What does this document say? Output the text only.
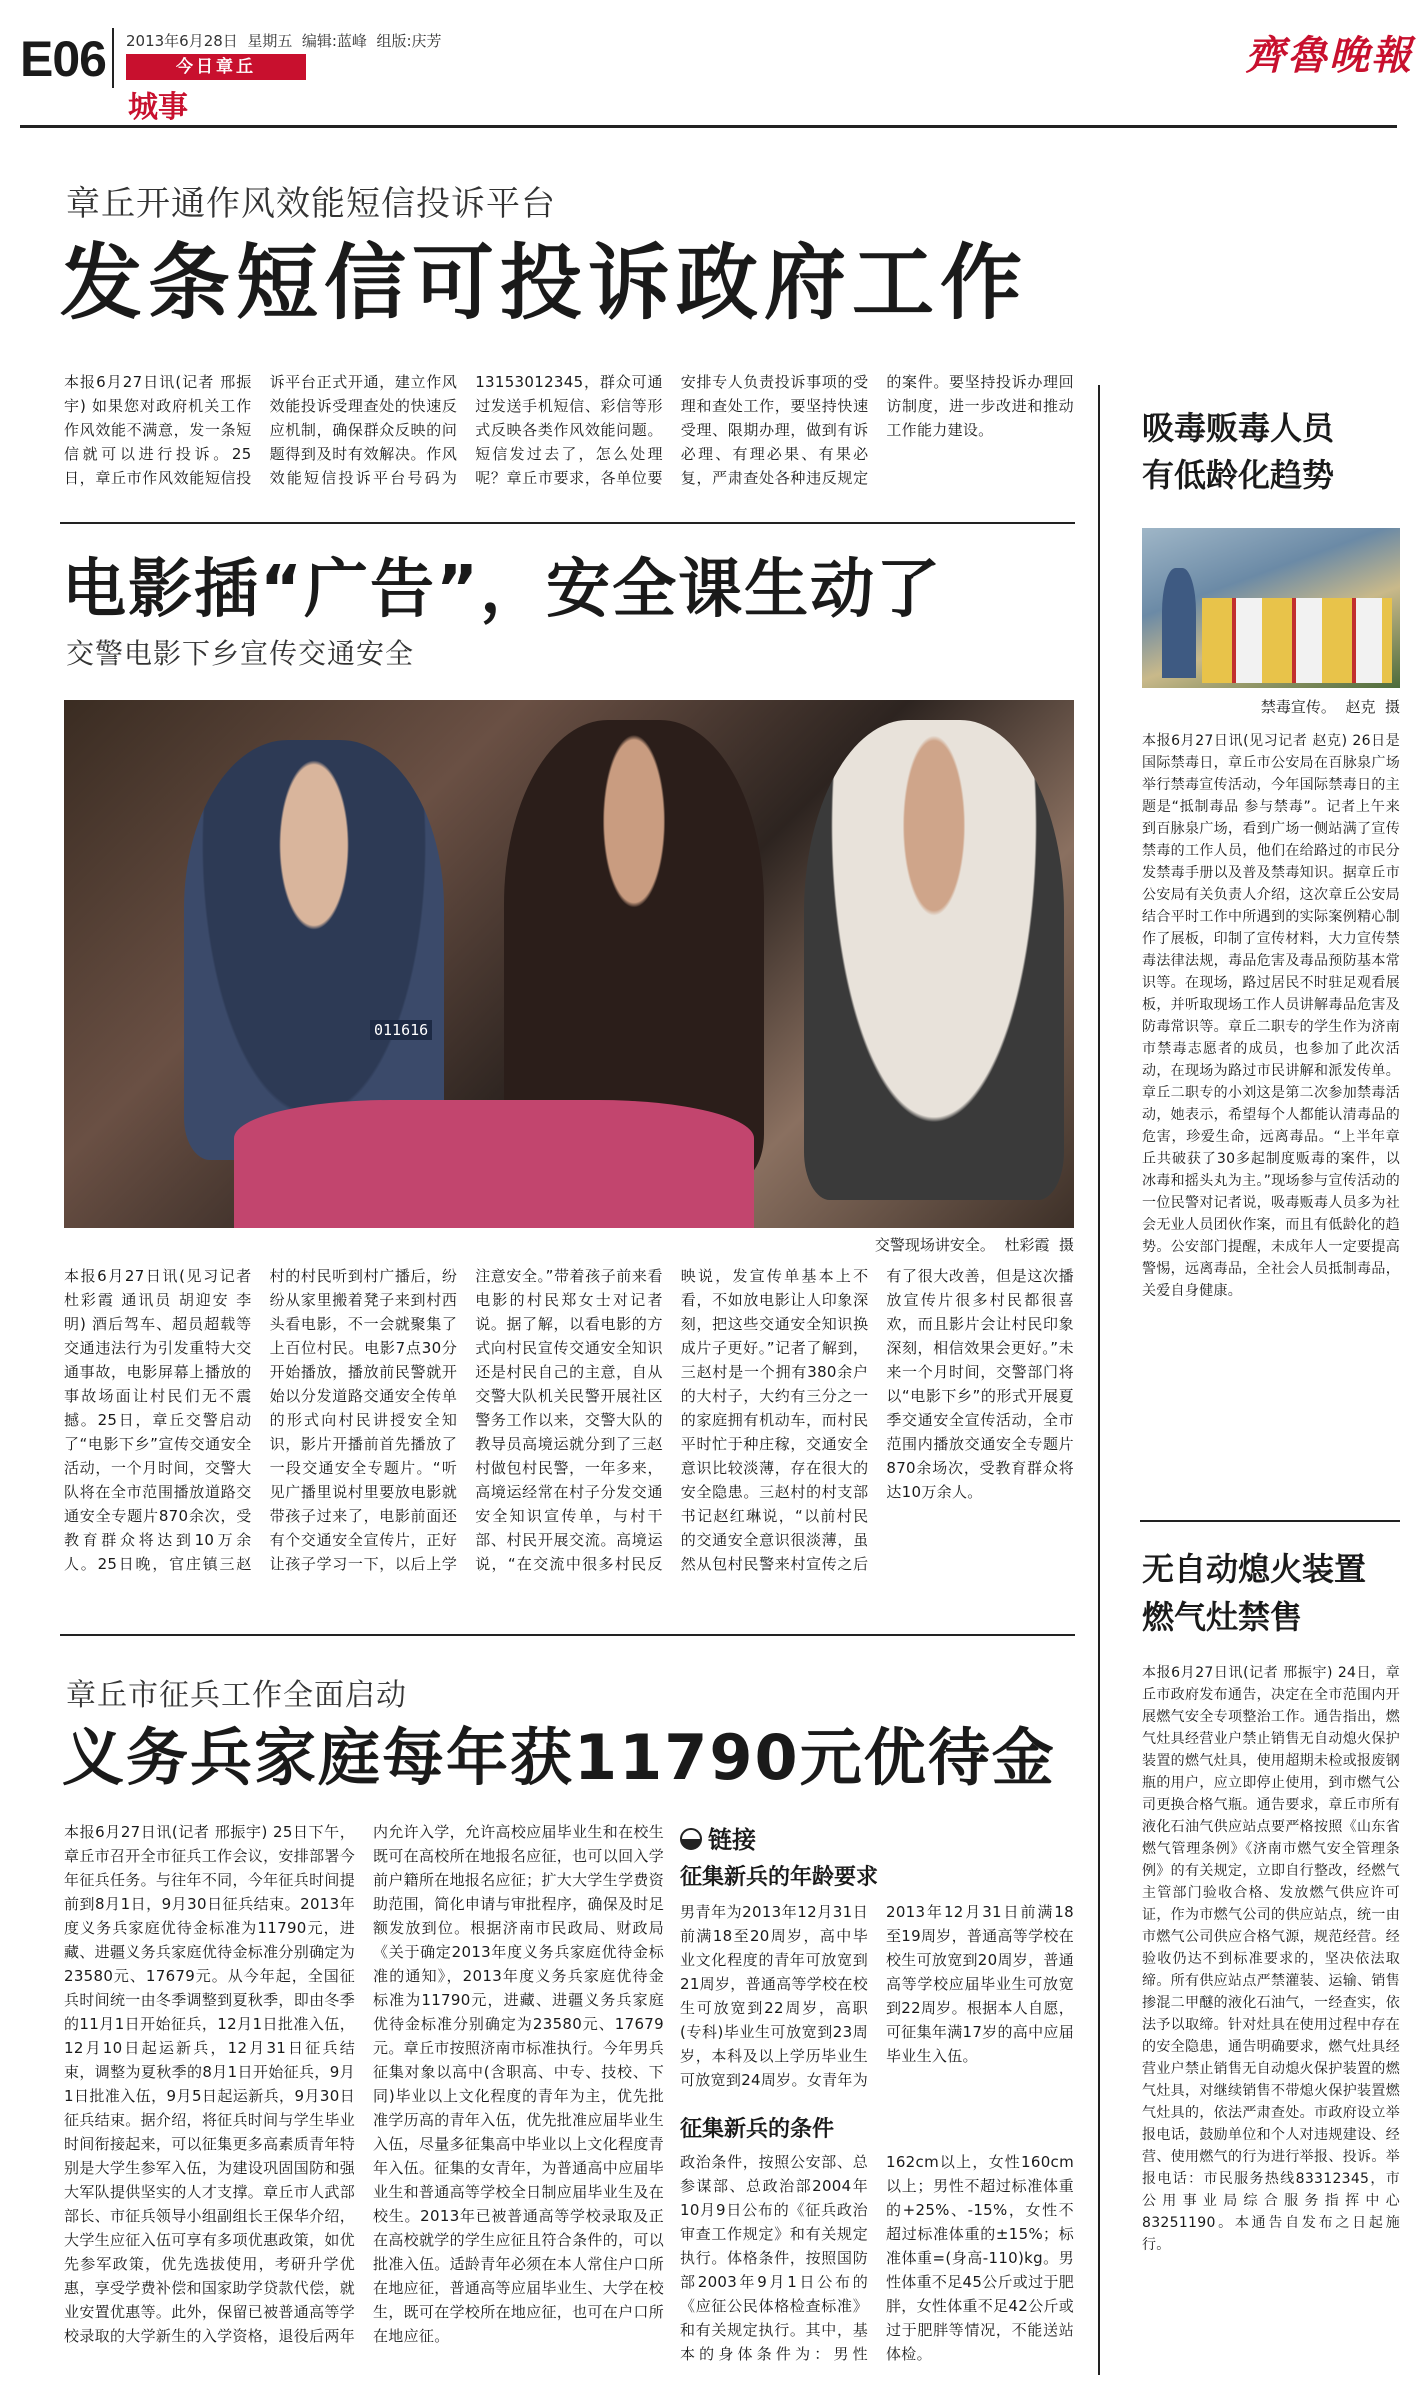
E06 2013年6月28日  星期五  编辑:蓝峰  组版:庆芳
今日章丘
城事
齊魯晚報
章丘开通作风效能短信投诉平台
发条短信可投诉政府工作
本报6月27日讯(记者 邢振宇) 如果您对政府机关工作作风效能不满意，发一条短信就可以进行投诉。25日，章丘市作风效能短信投诉平台正式开通，建立作风效能投诉受理查处的快速反应机制，确保群众反映的问题得到及时有效解决。作风效能短信投诉平台号码为13153012345，群众可通过发送手机短信、彩信等形式反映各类作风效能问题。短信发过去了，怎么处理呢？章丘市要求，各单位要安排专人负责投诉事项的受理和查处工作，要坚持快速受理、限期办理，做到有诉必理、有理必果、有果必复，严肃查处各种违反规定的案件。要坚持投诉办理回访制度，进一步改进和推动工作能力建设。
电影插“广告”，安全课生动了
交警电影下乡宣传交通安全
011616
交警现场讲安全。  杜彩霞  摄
本报6月27日讯(见习记者 杜彩霞 通讯员 胡迎安 李明) 酒后驾车、超员超载等交通违法行为引发重特大交通事故，电影屏幕上播放的事故场面让村民们无不震撼。25日，章丘交警启动了“电影下乡”宣传交通安全活动，一个月时间，交警大队将在全市范围播放道路交通安全专题片870余次，受教育群众将达到10万余人。25日晚，官庄镇三赵村的村民听到村广播后，纷纷从家里搬着凳子来到村西头看电影，不一会就聚集了上百位村民。电影7点30分开始播放，播放前民警就开始以分发道路交通安全传单的形式向村民讲授安全知识，影片开播前首先播放了一段交通安全专题片。“听见广播里说村里要放电影就带孩子过来了，电影前面还有个交通安全宣传片，正好让孩子学习一下，以后上学注意安全。”带着孩子前来看电影的村民郑女士对记者说。据了解，以看电影的方式向村民宣传交通安全知识还是村民自己的主意，自从交警大队机关民警开展社区警务工作以来，交警大队的教导员高境运就分到了三赵村做包村民警，一年多来，高境运经常在村子分发交通安全知识宣传单，与村干部、村民开展交流。高境运说，“在交流中很多村民反映说，发宣传单基本上不看，不如放电影让人印象深刻，把这些交通安全知识换成片子更好。”记者了解到，三赵村是一个拥有380余户的大村子，大约有三分之一的家庭拥有机动车，而村民平时忙于种庄稼，交通安全意识比较淡薄，存在很大的安全隐患。三赵村的村支部书记赵红琳说，“以前村民的交通安全意识很淡薄，虽然从包村民警来村宣传之后有了很大改善，但是这次播放宣传片很多村民都很喜欢，而且影片会让村民印象深刻，相信效果会更好。”未来一个月时间，交警部门将以“电影下乡”的形式开展夏季交通安全宣传活动，全市范围内播放交通安全专题片870余场次，受教育群众将达10万余人。
章丘市征兵工作全面启动
义务兵家庭每年获11790元优待金
本报6月27日讯(记者 邢振宇) 25日下午，章丘市召开全市征兵工作会议，安排部署今年征兵任务。与往年不同，今年征兵时间提前到8月1日，9月30日征兵结束。2013年度义务兵家庭优待金标准为11790元，进藏、进疆义务兵家庭优待金标准分别确定为23580元、17679元。从今年起，全国征兵时间统一由冬季调整到夏秋季，即由冬季的11月1日开始征兵，12月1日批准入伍，12月10日起运新兵，12月31日征兵结束，调整为夏秋季的8月1日开始征兵，9月1日批准入伍，9月5日起运新兵，9月30日征兵结束。据介绍，将征兵时间与学生毕业时间衔接起来，可以征集更多高素质青年特别是大学生参军入伍，为建设巩固国防和强大军队提供坚实的人才支撑。章丘市人武部部长、市征兵领导小组副组长王保华介绍，大学生应征入伍可享有多项优惠政策，如优先参军政策，优先选拔使用，考研升学优惠，享受学费补偿和国家助学贷款代偿，就业安置优惠等。此外，保留已被普通高等学校录取的大学新生的入学资格，退役后两年内允许入学，允许高校应届毕业生和在校生既可在高校所在地报名应征，也可以回入学前户籍所在地报名应征；扩大大学生学费资助范围，简化申请与审批程序，确保及时足额发放到位。根据济南市民政局、财政局《关于确定2013年度义务兵家庭优待金标准的通知》，2013年度义务兵家庭优待金标准为11790元，进藏、进疆义务兵家庭优待金标准分别确定为23580元、17679元。章丘市按照济南市标准执行。今年男兵征集对象以高中(含职高、中专、技校、下同)毕业以上文化程度的青年为主，优先批准学历高的青年入伍，优先批准应届毕业生入伍，尽量多征集高中毕业以上文化程度青年入伍。征集的女青年，为普通高中应届毕业生和普通高等学校全日制应届毕业生及在校生。2013年已被普通高等学校录取及正在高校就学的学生应征且符合条件的，可以批准入伍。适龄青年必须在本人常住户口所在地应征，普通高等应届毕业生、大学在校生，既可在学校所在地应征，也可在户口所在地应征。
链接
征集新兵的年龄要求
男青年为2013年12月31日前满18至20周岁，高中毕业文化程度的青年可放宽到21周岁，普通高等学校在校生可放宽到22周岁，高职(专科)毕业生可放宽到23周岁，本科及以上学历毕业生可放宽到24周岁。女青年为2013年12月31日前满18至19周岁，普通高等学校在校生可放宽到20周岁，普通高等学校应届毕业生可放宽到22周岁。根据本人自愿，可征集年满17岁的高中应届毕业生入伍。
征集新兵的条件
政治条件，按照公安部、总参谋部、总政治部2004年10月9日公布的《征兵政治审查工作规定》和有关规定执行。体格条件，按照国防部2003年9月1日公布的《应征公民体格检查标准》和有关规定执行。其中，基本的身体条件为：男性162cm以上，女性160cm以上；男性不超过标准体重的+25%、-15%，女性不超过标准体重的±15%；标准体重=(身高-110)kg。男性体重不足45公斤或过于肥胖，女性体重不足42公斤或过于肥胖等情况，不能送站体检。
吸毒贩毒人员
有低龄化趋势
禁毒宣传。  赵克  摄
本报6月27日讯(见习记者 赵克) 26日是国际禁毒日，章丘市公安局在百脉泉广场举行禁毒宣传活动，今年国际禁毒日的主题是“抵制毒品 参与禁毒”。记者上午来到百脉泉广场，看到广场一侧站满了宣传禁毒的工作人员，他们在给路过的市民分发禁毒手册以及普及禁毒知识。据章丘市公安局有关负责人介绍，这次章丘公安局结合平时工作中所遇到的实际案例精心制作了展板，印制了宣传材料，大力宣传禁毒法律法规，毒品危害及毒品预防基本常识等。在现场，路过居民不时驻足观看展板，并听取现场工作人员讲解毒品危害及防毒常识等。章丘二职专的学生作为济南市禁毒志愿者的成员，也参加了此次活动，在现场为路过市民讲解和派发传单。章丘二职专的小刘这是第二次参加禁毒活动，她表示，希望每个人都能认清毒品的危害，珍爱生命，远离毒品。“上半年章丘共破获了30多起制度贩毒的案件，以冰毒和摇头丸为主。”现场参与宣传活动的一位民警对记者说，吸毒贩毒人员多为社会无业人员团伙作案，而且有低龄化的趋势。公安部门提醒，未成年人一定要提高警惕，远离毒品，全社会人员抵制毒品，关爱自身健康。
无自动熄火装置
燃气灶禁售
本报6月27日讯(记者 邢振宇) 24日，章丘市政府发布通告，决定在全市范围内开展燃气安全专项整治工作。通告指出，燃气灶具经营业户禁止销售无自动熄火保护装置的燃气灶具，使用超期未检或报废钢瓶的用户，应立即停止使用，到市燃气公司更换合格气瓶。通告要求，章丘市所有液化石油气供应站点要严格按照《山东省燃气管理条例》《济南市燃气安全管理条例》的有关规定，立即自行整改，经燃气主管部门验收合格、发放燃气供应许可证，作为市燃气公司的供应站点，统一由市燃气公司供应合格气源，规范经营。经验收仍达不到标准要求的，坚决依法取缔。所有供应站点严禁灌装、运输、销售掺混二甲醚的液化石油气，一经查实，依法予以取缔。针对灶具在使用过程中存在的安全隐患，通告明确要求，燃气灶具经营业户禁止销售无自动熄火保护装置的燃气灶具，对继续销售不带熄火保护装置燃气灶具的，依法严肃查处。市政府设立举报电话，鼓励单位和个人对违规建设、经营、使用燃气的行为进行举报、投诉。举报电话：市民服务热线83312345，市公用事业局综合服务指挥中心83251190。本通告自发布之日起施行。
